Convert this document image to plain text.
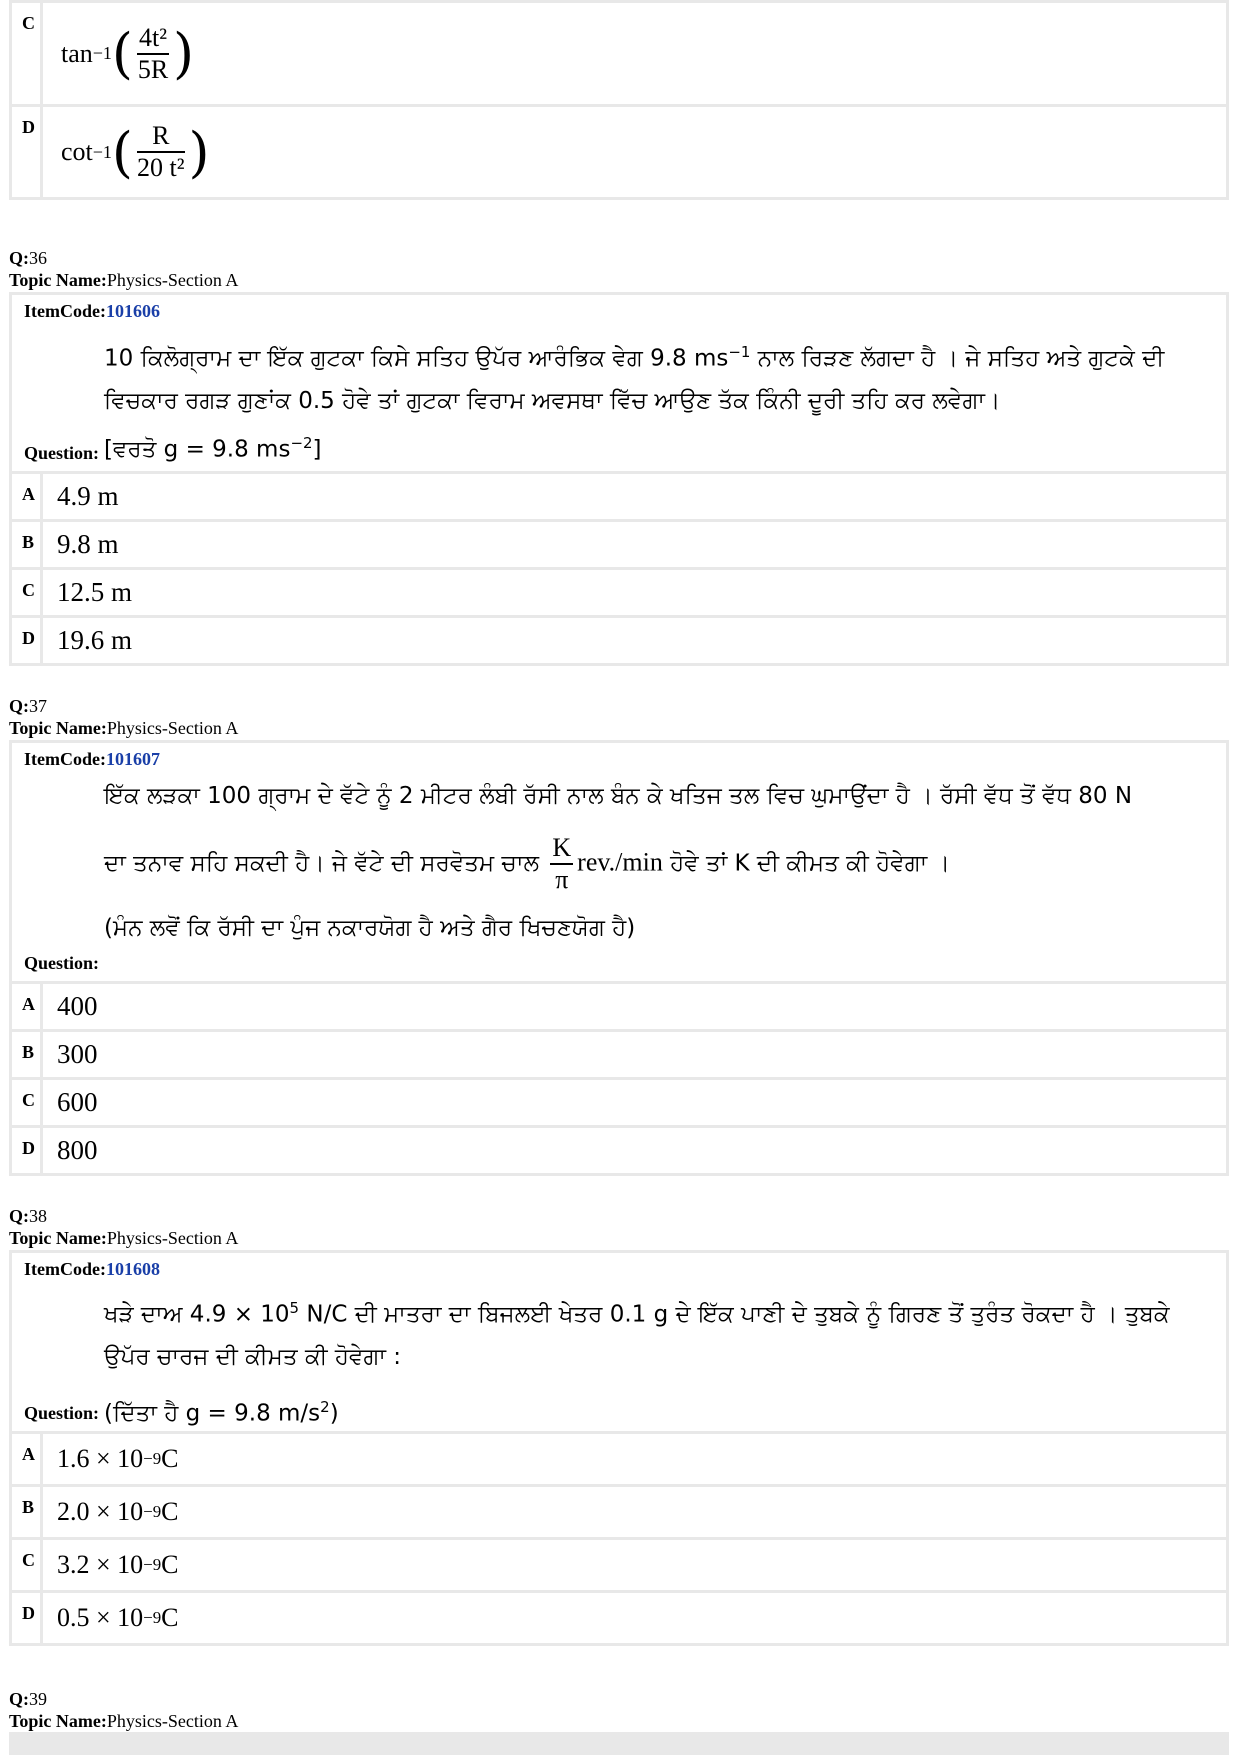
C
tan −1 ( $\frac{\text{4t²}}{5R}$ )
D
cot −1 ( $\frac{R}{\text{20 t²}}$ )
Q:36
Topic Name:Physics-Section A
ItemCode:101606
10 ਕਿਲੋਗ੍ਰਾਮ ਦਾ ਇੱਕ ਗੁਟਕਾ ਕਿਸੇ ਸਤਿਹ ਉਪੱਰ ਆਰੰਭਿਕ ਵੇਗ 9.8 $ms^{-1}$ ਨਾਲ ਰਿੜਣ ਲੱਗਦਾ ਹੈ । ਜੇ ਸਤਿਹ ਅਤੇ ਗੁਟਕੇ ਦੀ
ਵਿਚਕਾਰ ਰਗੜ ਗੁਣਾਂਕ 0.5 ਹੋਵੇ ਤਾਂ ਗੁਟਕਾ ਵਿਰਾਮ ਅਵਸਥਾ ਵਿੱਚ ਆਉਣ ਤੱਕ ਕਿੰਨੀ ਦੂਰੀ ਤਹਿ ਕਰ ਲਵੇਗਾ।
[ਵਰਤੋ g = 9.8 $ms^{-2}$]
Question:
A 4.9 m
B 9.8 m
C 12.5 m
D 19.6 m
Q:37
Topic Name:Physics-Section A
ItemCode:101607
ਇੱਕ ਲੜਕਾ 100 ਗ੍ਰਾਮ ਦੇ ਵੱਟੇ ਨੂੰ 2 ਮੀਟਰ ਲੰਬੀ ਰੱਸੀ ਨਾਲ ਬੰਨ ਕੇ ਖਤਿਜ ਤਲ ਵਿਚ ਘੁਮਾਉਂਦਾ ਹੈ । ਰੱਸੀ ਵੱਧ ਤੋਂ ਵੱਧ 80 N
ਦਾ ਤਨਾਵ ਸਹਿ ਸਕਦੀ ਹੈ। ਜੇ ਵੱਟੇ ਦੀ ਸਰਵੋਤਮ ਚਾਲ $\frac{K}{\pi} rev./\min$ ਹੋਵੇ ਤਾਂ K ਦੀ ਕੀਮਤ ਕੀ ਹੋਵੇਗਾ ।
(ਮੰਨ ਲਵੋਂ ਕਿ ਰੱਸੀ ਦਾ ਪੁੰਜ ਨਕਾਰਯੋਗ ਹੈ ਅਤੇ ਗੈਰ ਖਿਚਣਯੋਗ ਹੈ)
Question:
A 400
B 300
C 600
D 800
Q:38
Topic Name:Physics-Section A
ItemCode:101608
ਖੜੇ ਦਾਅ $4.9 \times 10^5$ N/C ਦੀ ਮਾਤਰਾ ਦਾ ਬਿਜਲਈ ਖੇਤਰ 0.1 g ਦੇ ਇੱਕ ਪਾਣੀ ਦੇ ਤੁਬਕੇ ਨੂੰ ਗਿਰਣ ਤੋਂ ਤੁਰੰਤ ਰੋਕਦਾ ਹੈ । ਤੁਬਕੇ
ਉਪੱਰ ਚਾਰਜ ਦੀ ਕੀਮਤ ਕੀ ਹੋਵੇਗਾ :
(ਦਿੱਤਾ ਹੈ g = 9.8 $m/s^2$)
Question:
A 1.6 × 10 −9 C
B 2.0 × 10 −9 C
C 3.2 × 10 −9 C
D 0.5 × 10 −9 C
Q:39
Topic Name:Physics-Section A
